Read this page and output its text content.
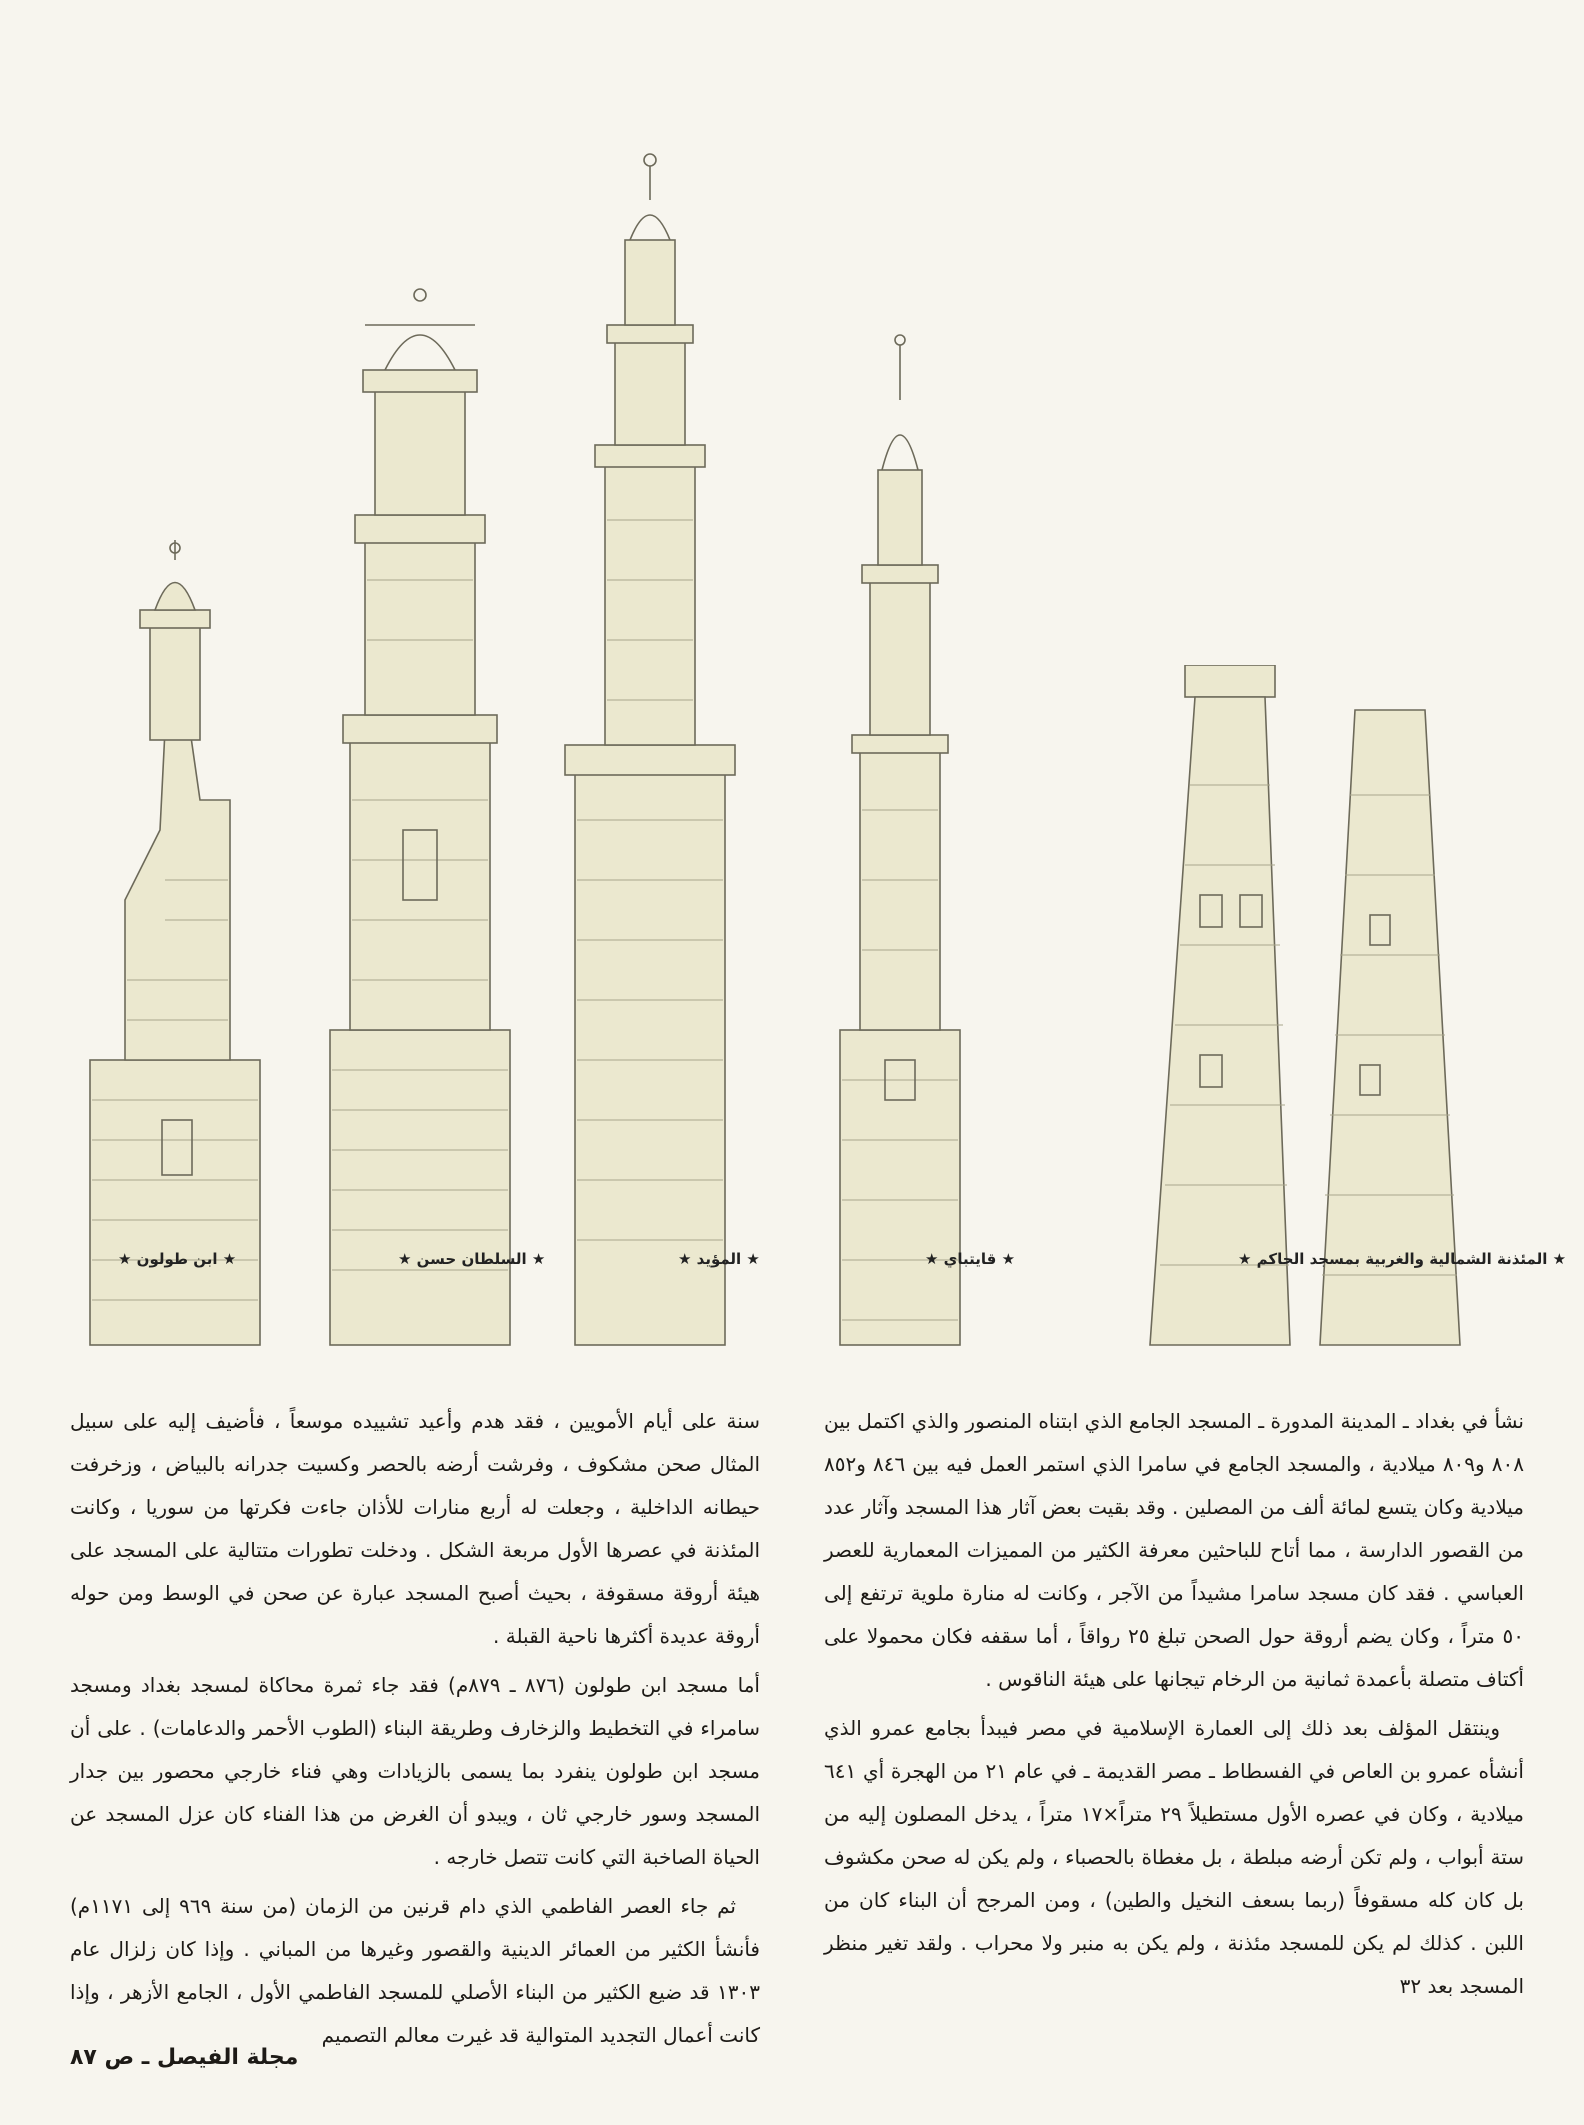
★ ابن طولون ★	★ السلطان حسن ★	★ المؤيد ★	★ قايتباي ★	★ المئذنة الشمالية والغربية بمسجد الحاكم ★

نشأ في بغداد ـ المدينة المدورة ـ المسجد الجامع الذي ابتناه المنصور والذي اكتمل بين ٨٠٨ و٨٠٩ ميلادية ، والمسجد الجامع في سامرا الذي استمر العمل فيه بين ٨٤٦ و٨٥٢ ميلادية وكان يتسع لمائة ألف من المصلين . وقد بقيت بعض آثار هذا المسجد وآثار عدد من القصور الدارسة ، مما أتاح للباحثين معرفة الكثير من المميزات المعمارية للعصر العباسي . فقد كان مسجد سامرا مشيداً من الآجر ، وكانت له منارة ملوية ترتفع إلى ٥٠ متراً ، وكان يضم أروقة حول الصحن تبلغ ٢٥ رواقاً ، أما سقفه فكان محمولا على أكتاف متصلة بأعمدة ثمانية من الرخام تيجانها على هيئة الناقوس .

وينتقل المؤلف بعد ذلك إلى العمارة الإسلامية في مصر فيبدأ بجامع عمرو الذي أنشأه عمرو بن العاص في الفسطاط ـ مصر القديمة ـ في عام ٢١ من الهجرة أي ٦٤١ ميلادية ، وكان في عصره الأول مستطيلاً ٢٩ متراً×١٧ متراً ، يدخل المصلون إليه من ستة أبواب ، ولم تكن أرضه مبلطة ، بل مغطاة بالحصباء ، ولم يكن له صحن مكشوف بل كان كله مسقوفاً (ربما بسعف النخيل والطين) ، ومن المرجح أن البناء كان من اللبن . كذلك لم يكن للمسجد مئذنة ، ولم يكن به منبر ولا محراب . ولقد تغير منظر المسجد بعد ٣٢

سنة على أيام الأمويين ، فقد هدم وأعيد تشييده موسعاً ، فأضيف إليه على سبيل المثال صحن مشكوف ، وفرشت أرضه بالحصر وكسيت جدرانه بالبياض ، وزخرفت حيطانه الداخلية ، وجعلت له أربع منارات للأذان جاءت فكرتها من سوريا ، وكانت المئذنة في عصرها الأول مربعة الشكل . ودخلت تطورات متتالية على المسجد على هيئة أروقة مسقوفة ، بحيث أصبح المسجد عبارة عن صحن في الوسط ومن حوله أروقة عديدة أكثرها ناحية القبلة .

أما مسجد ابن طولون (٨٧٦ ـ ٨٧٩م) فقد جاء ثمرة محاكاة لمسجد بغداد ومسجد سامراء في التخطيط والزخارف وطريقة البناء (الطوب الأحمر والدعامات) . على أن مسجد ابن طولون ينفرد بما يسمى بالزيادات وهي فناء خارجي محصور بين جدار المسجد وسور خارجي ثان ، ويبدو أن الغرض من هذا الفناء كان عزل المسجد عن الحياة الصاخبة التي كانت تتصل خارجه .

ثم جاء العصر الفاطمي الذي دام قرنين من الزمان (من سنة ٩٦٩ إلى ١١٧١م) فأنشأ الكثير من العمائر الدينية والقصور وغيرها من المباني . وإذا كان زلزال عام ١٣٠٣ قد ضيع الكثير من البناء الأصلي للمسجد الفاطمي الأول ، الجامع الأزهر ، وإذا كانت أعمال التجديد المتوالية قد غيرت معالم التصميم

مجلة الفيصل ـ ص ٨٧
